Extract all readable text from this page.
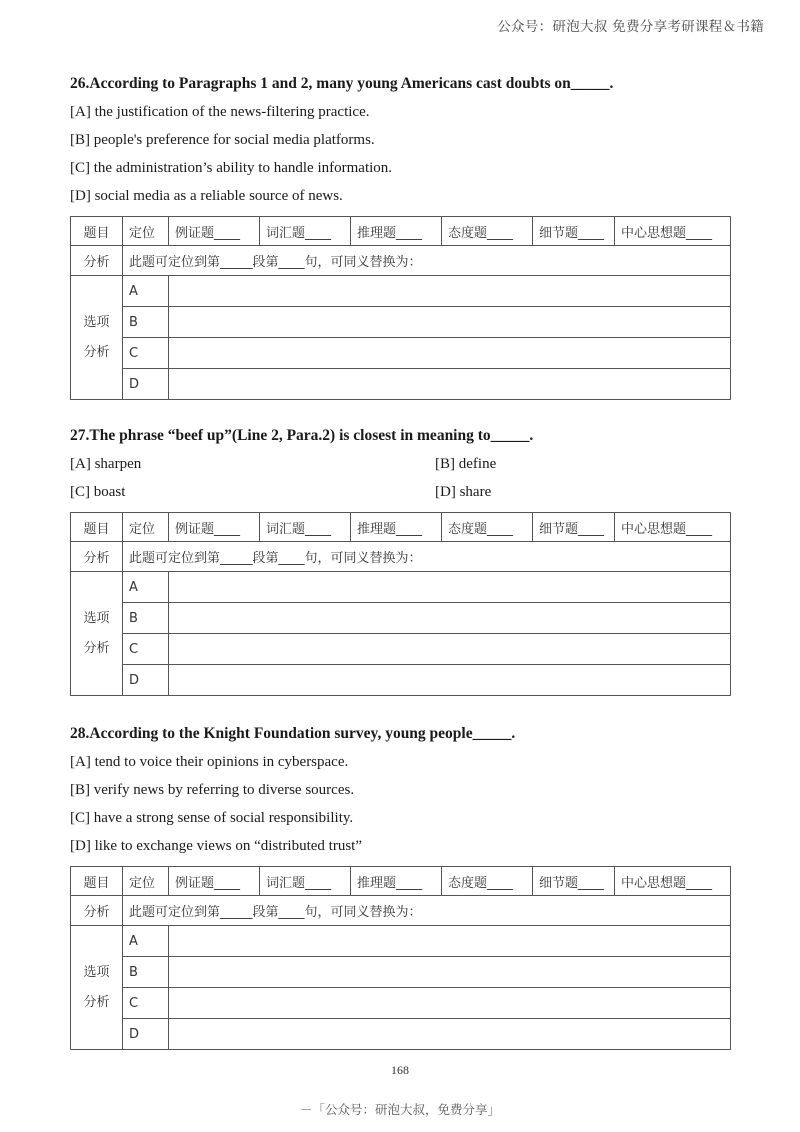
公众号：研泡大叔 免费分享考研课程＆书籍
26.According to Paragraphs 1 and 2, many young Americans cast doubts on_____.
[A] the justification of the news-filtering practice.
[B] people's preference for social media platforms.
[C] the administration’s ability to handle information.
[D] social media as a reliable source of news.
题目	定位	例证题____	词汇题____	推理题____	态度题____	细节题____	中心思想题____
分析	此题可定位到第_____段第____句，可同义替换为：						

选项
分析	A						
	B						
	C						
	D						
27.The phrase “beef up”(Line 2, Para.2) is closest in meaning to_____.
[A] sharpen	[B] define
[C] boast	[D] share
题目	定位	例证题____	词汇题____	推理题____	态度题____	细节题____	中心思想题____
分析	此题可定位到第_____段第____句，可同义替换为：						

选项
分析	A						
	B						
	C						
	D						
28.According to the Knight Foundation survey, young people_____.
[A] tend to voice their opinions in cyberspace.
[B] verify news by referring to diverse sources.
[C] have a strong sense of social responsibility.
[D] like to exchange views on “distributed trust”
题目	定位	例证题____	词汇题____	推理题____	态度题____	细节题____	中心思想题____
分析	此题可定位到第_____段第____句，可同义替换为：						

选项
分析	A						
	B						
	C						
	D						
168
－「公众号：研泡大叔，免费分享」
